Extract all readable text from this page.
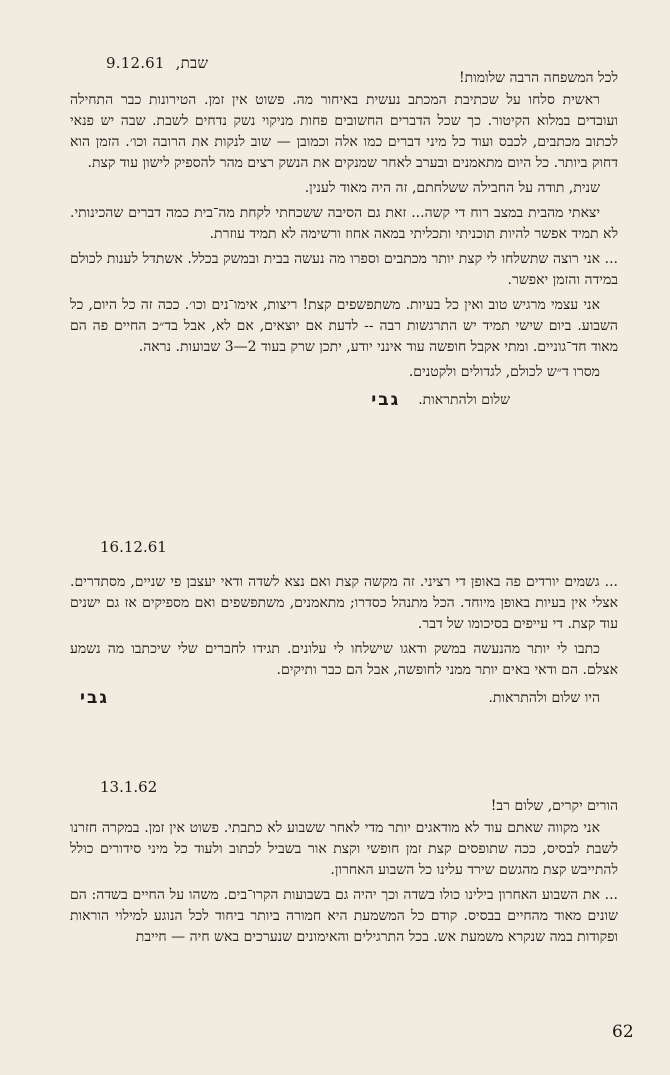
9.12.61 שבת,
לכל המשפחה הרבה שלומות!

ראשית סלחו על שכתיבת המכתב נעשית באיחור מה. פשוט אין זמן. הטירונות כבר התחילה ועובדים במלוא הקיטור. כך שכל הדברים החשובים פחות מניקוי נשק נדחים לשבת. שבה יש פנאי לכתוב מכתבים, לכבס ועוד כל מיני דברים כמו אלה וכמובן — שוב לנקות את הרובה וכו׳. הזמן הוא דחוק ביותר. כל היום מתאמנים ובערב לאחר שמנקים את הנשק רצים מהר להספיק לישון עוד קצת.

שנית, תודה על החבילה ששלחתם, זה היה מאוד לענין.

יצאתי מהבית במצב רוח די קשה... זאת גם הסיבה ששכחתי לקחת מה־בית כמה דברים שהכינותי. לא תמיד אפשר להיות תוכניתי ותכליתי במאה אחוז ורשימה לא תמיד עוזרת.

... אני רוצה שתשלחו לי קצת יותר מכתבים וספרו מה נעשה בבית ובמשק בכלל. אשתדל לענות לכולם במידה והזמן יאפשר.

אני עצמי מרגיש טוב ואין כל בעיות. משתפשפים קצת! ריצות, אימו־נים וכו׳. ככה זה כל היום, כל השבוע. ביום שישי תמיד יש התרגשות רבה -- לדעת אם יוצאים, אם לא, אבל בד״כ החיים פה הם מאוד חד־גוניים. ומתי אקבל חופשה עוד אינני יודע, יתכן שרק בעוד 2—3 שבועות. נראה.

מסרו ד״ש לכולם, לגדולים ולקטנים.

שלום ולהתראות.
גבי
16.12.61

... גשמים יורדים פה באופן די רציני. זה מקשה קצת ואם נצא לשדה ודאי יעצבן פי שניים, מסתדרים. אצלי אין בעיות באופן מיוחד. הכל מתנהל כסדרו; מתאמנים, משתפשפים ואם מספיקים אז גם ישנים עוד קצת. די עייפים בסיכומו של דבר.

כתבו לי יותר מהנעשה במשק ודאגו שישלחו לי עלונים. תגידו לחברים שלי שיכתבו מה נשמע אצלם. הם ודאי באים יותר ממני לחופשה, אבל הם כבר ותיקים.

היו שלום ולהתראות.
גבי
13.1.62
הורים יקרים, שלום רב!

אני מקווה שאתם עוד לא מודאגים יותר מדי לאחר ששבוע לא כתבתי. פשוט אין זמן. במקרה חזרנו לשבת לבסיס, ככה שתופסים קצת זמן חופשי וקצת אור בשביל לכתוב ולעוד כל מיני סידורים כולל להתייבש קצת מהגשם שירד עלינו כל השבוע האחרון.

... את השבוע האחרון בילינו כולו בשדה וכך יהיה גם בשבועות הקרו־בים. משהו על החיים בשדה: הם שונים מאוד מהחיים בבסיס. קודם כל המשמעת היא חמורה ביותר ביחוד לכל הנוגע למילוי הוראות ופקודות במה שנקרא משמעת אש. בכל התרגילים והאימונים שנערכים באש חיה — חייבת

62
